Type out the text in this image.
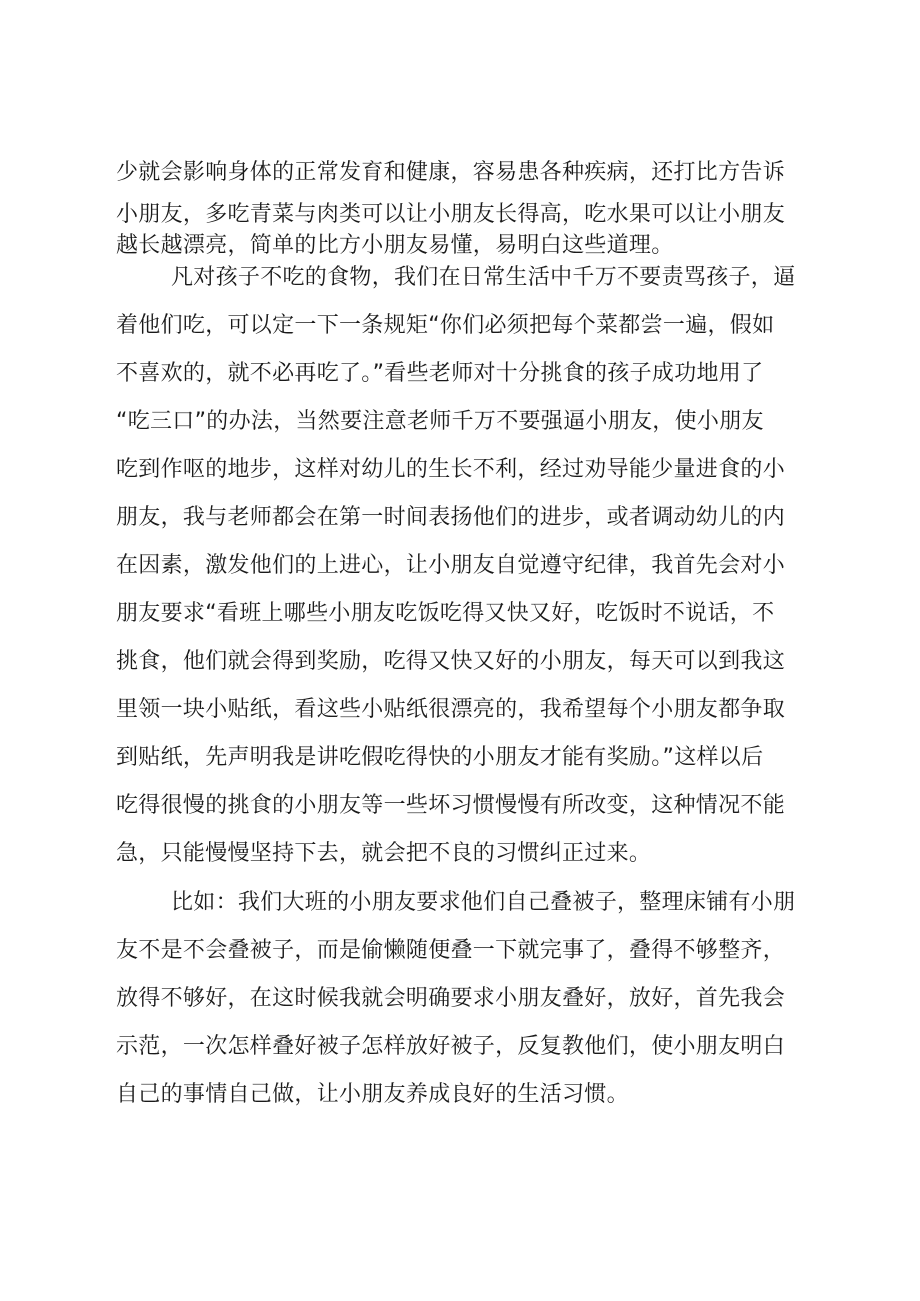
少就会影响身体的正常发育和健康，容易患各种疾病，还打比方告诉
小朋友，多吃青菜与肉类可以让小朋友长得高，吃水果可以让小朋友
越长越漂亮，简单的比方小朋友易懂，易明白这些道理。
凡对孩子不吃的食物，我们在日常生活中千万不要责骂孩子，逼
着他们吃，可以定一下一条规矩“你们必须把每个菜都尝一遍，假如
不喜欢的，就不必再吃了。”看些老师对十分挑食的孩子成功地用了
“吃三口”的办法，当然要注意老师千万不要强逼小朋友，使小朋友
吃到作呕的地步，这样对幼儿的生长不利，经过劝导能少量进食的小
朋友，我与老师都会在第一时间表扬他们的进步，或者调动幼儿的内
在因素，激发他们的上进心，让小朋友自觉遵守纪律，我首先会对小
朋友要求“看班上哪些小朋友吃饭吃得又快又好，吃饭时不说话，不
挑食，他们就会得到奖励，吃得又快又好的小朋友，每天可以到我这
里领一块小贴纸，看这些小贴纸很漂亮的，我希望每个小朋友都争取
到贴纸，先声明我是讲吃假吃得快的小朋友才能有奖励。”这样以后
吃得很慢的挑食的小朋友等一些坏习惯慢慢有所改变，这种情况不能
急，只能慢慢坚持下去，就会把不良的习惯纠正过来。
比如：我们大班的小朋友要求他们自己叠被子，整理床铺有小朋
友不是不会叠被子，而是偷懒随便叠一下就完事了，叠得不够整齐，
放得不够好，在这时候我就会明确要求小朋友叠好，放好，首先我会
示范，一次怎样叠好被子怎样放好被子，反复教他们，使小朋友明白
自己的事情自己做，让小朋友养成良好的生活习惯。
